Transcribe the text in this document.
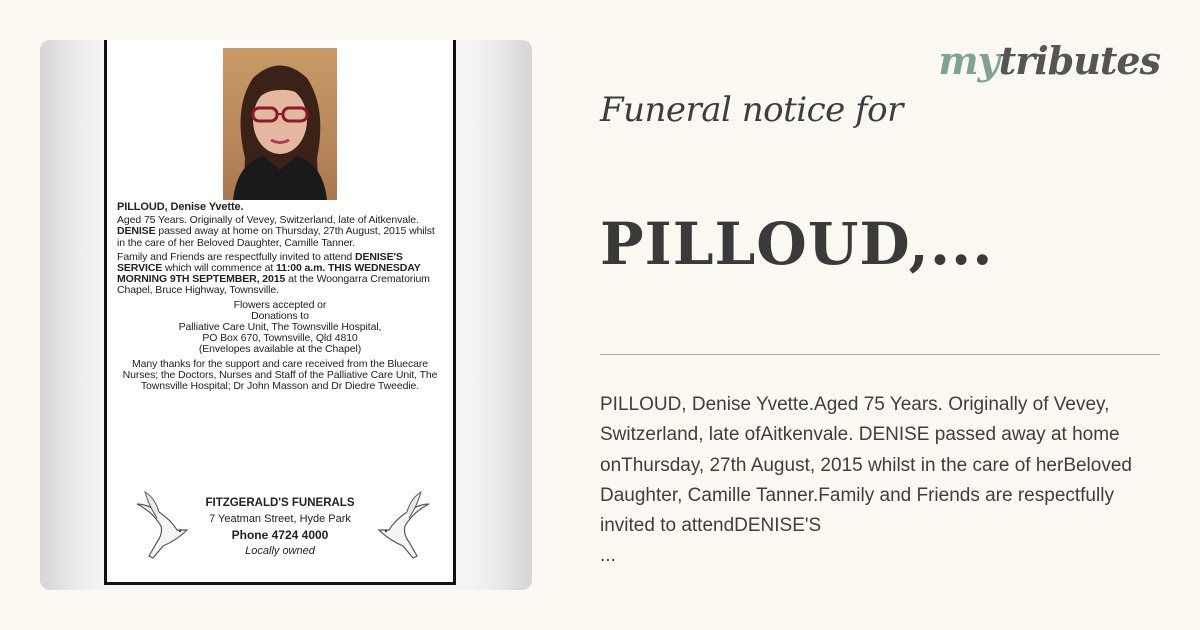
PILLOUD, Denise Yvette.

Aged 75 Years. Originally of Vevey, Switzerland, late of Aitkenvale. DENISE passed away at home on Thursday, 27th August, 2015 whilst in the care of her Beloved Daughter, Camille Tanner.

Family and Friends are respectfully invited to attend DENISE'S SERVICE which will commence at 11:00 a.m. THIS WEDNESDAY MORNING 9TH SEPTEMBER, 2015 at the Woongarra Crematorium Chapel, Bruce Highway, Townsville.

Flowers accepted or
Donations to
Palliative Care Unit, The Townsville Hospital,
PO Box 670, Townsville, Qld 4810
(Envelopes available at the Chapel)

Many thanks for the support and care received from the Bluecare Nurses; the Doctors, Nurses and Staff of the Palliative Care Unit, The Townsville Hospital; Dr John Masson and Dr Diedre Tweedie.

FITZGERALD'S FUNERALS
7 Yeatman Street, Hyde Park
Phone 4724 4000
Locally owned
mytributes
Funeral notice for
PILLOUD,...

PILLOUD, Denise Yvette.Aged 75 Years. Originally of Vevey, Switzerland, late ofAitkenvale. DENISE passed away at home onThursday, 27th August, 2015 whilst in the care of herBeloved Daughter, Camille Tanner.Family and Friends are respectfully invited to attendDENISE'S

...
